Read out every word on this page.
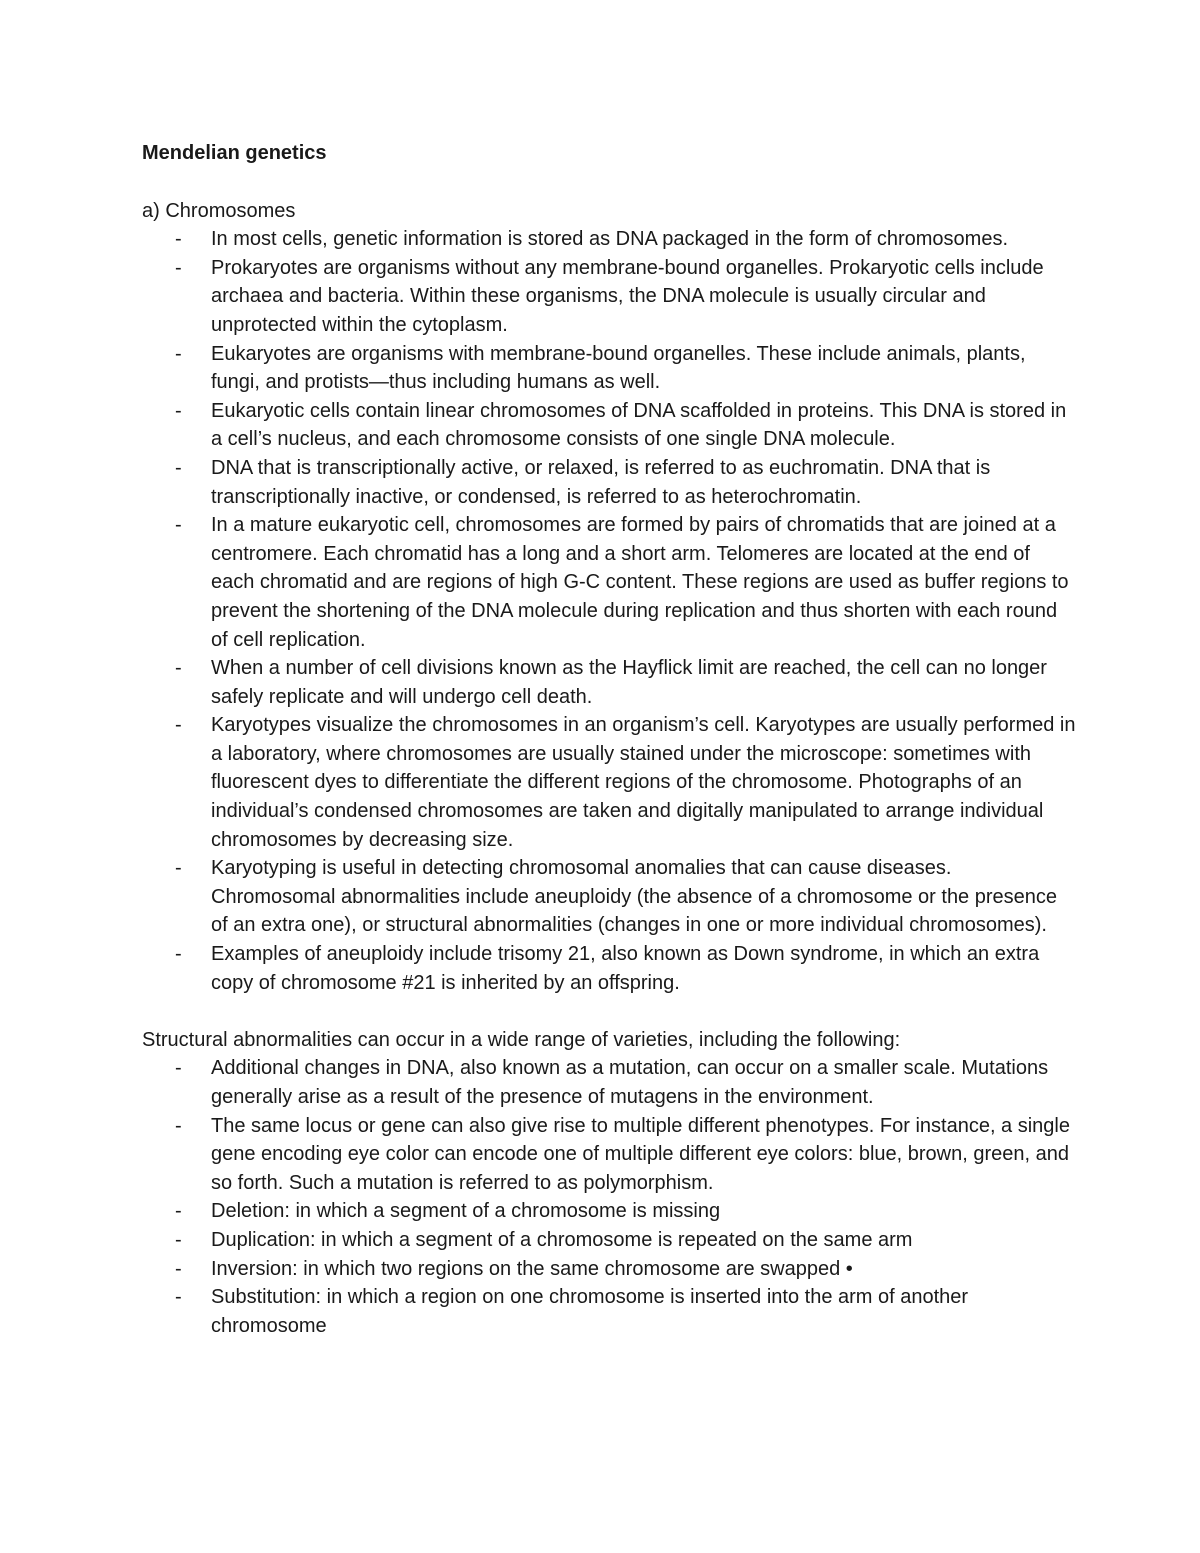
Mendelian genetics

a) Chromosomes

- In most cells, genetic information is stored as DNA packaged in the form of chromosomes.
- Prokaryotes are organisms without any membrane-bound organelles. Prokaryotic cells include archaea and bacteria. Within these organisms, the DNA molecule is usually circular and unprotected within the cytoplasm.
- Eukaryotes are organisms with membrane-bound organelles. These include animals, plants, fungi, and protists—thus including humans as well.
- Eukaryotic cells contain linear chromosomes of DNA scaffolded in proteins. This DNA is stored in a cell’s nucleus, and each chromosome consists of one single DNA molecule.
- DNA that is transcriptionally active, or relaxed, is referred to as euchromatin. DNA that is transcriptionally inactive, or condensed, is referred to as heterochromatin.
- In a mature eukaryotic cell, chromosomes are formed by pairs of chromatids that are joined at a centromere. Each chromatid has a long and a short arm. Telomeres are located at the end of each chromatid and are regions of high G-C content. These regions are used as buffer regions to prevent the shortening of the DNA molecule during replication and thus shorten with each round of cell replication.
- When a number of cell divisions known as the Hayflick limit are reached, the cell can no longer safely replicate and will undergo cell death.
- Karyotypes visualize the chromosomes in an organism’s cell. Karyotypes are usually performed in a laboratory, where chromosomes are usually stained under the microscope: sometimes with fluorescent dyes to differentiate the different regions of the chromosome. Photographs of an individual’s condensed chromosomes are taken and digitally manipulated to arrange individual chromosomes by decreasing size.
- Karyotyping is useful in detecting chromosomal anomalies that can cause diseases. Chromosomal abnormalities include aneuploidy (the absence of a chromosome or the presence of an extra one), or structural abnormalities (changes in one or more individual chromosomes).
- Examples of aneuploidy include trisomy 21, also known as Down syndrome, in which an extra copy of chromosome #21 is inherited by an offspring.

Structural abnormalities can occur in a wide range of varieties, including the following:

- Additional changes in DNA, also known as a mutation, can occur on a smaller scale. Mutations generally arise as a result of the presence of mutagens in the environment.
- The same locus or gene can also give rise to multiple different phenotypes. For instance, a single gene encoding eye color can encode one of multiple different eye colors: blue, brown, green, and so forth. Such a mutation is referred to as polymorphism.
- Deletion: in which a segment of a chromosome is missing
- Duplication: in which a segment of a chromosome is repeated on the same arm
- Inversion: in which two regions on the same chromosome are swapped •
- Substitution: in which a region on one chromosome is inserted into the arm of another chromosome
